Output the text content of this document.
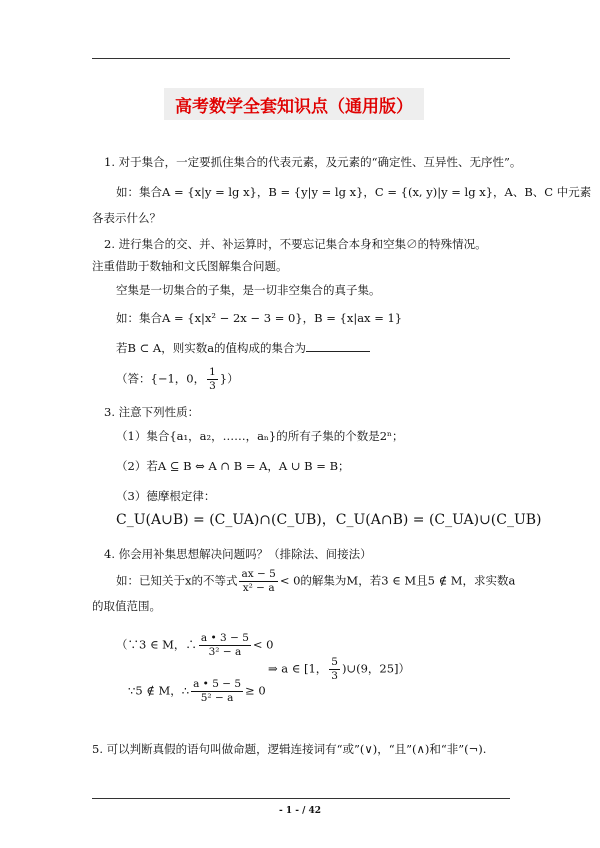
高考数学全套知识点（通用版）
1. 对于集合，一定要抓住集合的代表元素，及元素的“确定性、互异性、无序性”。
如：集合A = {x|y = lg x}，B = {y|y = lg x}，C = {(x, y)|y = lg x}，A、B、C 中元素
各表示什么？
2. 进行集合的交、并、补运算时，不要忘记集合本身和空集∅的特殊情况。
注重借助于数轴和文氏图解集合问题。
空集是一切集合的子集，是一切非空集合的真子集。
如：集合A = {x|x² − 2x − 3 = 0}，B = {x|ax = 1}
若B ⊂ A，则实数a的值构成的集合为
（答：{−1，0， $\frac{1}{3}$ }）
3. 注意下列性质：
（1）集合{a₁，a₂，……，aₙ}的所有子集的个数是2ⁿ；
（2）若A ⊆ B ⇔ A ∩ B = A，A ∪ B = B；
（3）德摩根定律：
C_U(A∪B) = (C_UA)∩(C_UB)，C_U(A∩B) = (C_UA)∪(C_UB)
4. 你会用补集思想解决问题吗？（排除法、间接法）
如：已知关于x的不等式 $\frac{ax - 5}{\text{x² − a}} < 0$的解集为M，若3 ∈ M且5 ∉ M，求实数a
的取值范围。
（∵3 ∈ M，∴ $\frac{a • 3 - 5}{\text{3² − a}} < 0$
⇒ a ∈ [1， $\frac{5}{3}$ )∪(9，25]）
∵5 ∉ M，∴ $\frac{a • 5 - 5}{\text{5² − a}} \ge 0$
5. 可以判断真假的语句叫做命题，逻辑连接词有“或”(∨)，“且”(∧)和“非”(¬).
- 1 - / 42
